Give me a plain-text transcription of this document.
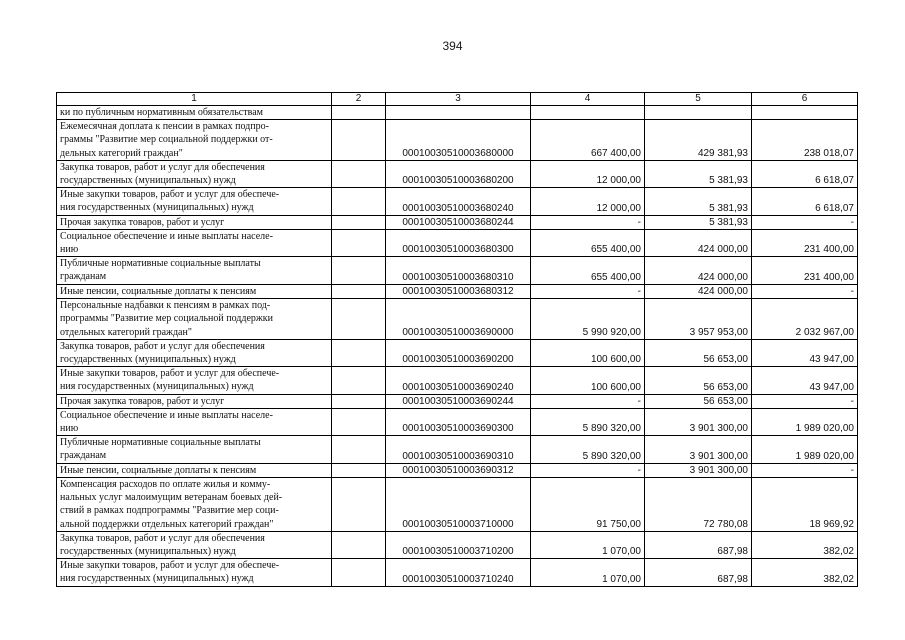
394
1	2	3	4	5	6
ки по публичным нормативным обязательствам					
Ежемесячная доплата к пенсии в рамках подпро-
граммы "Развитие мер социальной поддержки от-
дельных категорий граждан"		00010030510003680000	667 400,00	429 381,93	238 018,07
Закупка товаров, работ и услуг для обеспечения
государственных (муниципальных) нужд		00010030510003680200	12 000,00	5 381,93	6 618,07
Иные закупки товаров, работ и услуг для обеспече-
ния государственных (муниципальных) нужд		00010030510003680240	12 000,00	5 381,93	6 618,07
Прочая закупка товаров, работ и услуг		00010030510003680244	-	5 381,93	-
Социальное обеспечение и иные выплаты населе-
нию		00010030510003680300	655 400,00	424 000,00	231 400,00
Публичные нормативные социальные выплаты
гражданам		00010030510003680310	655 400,00	424 000,00	231 400,00
Иные пенсии, социальные доплаты к пенсиям		00010030510003680312	-	424 000,00	-
Персональные надбавки к пенсиям в рамках под-
программы "Развитие мер социальной поддержки
отдельных категорий граждан"		00010030510003690000	5 990 920,00	3 957 953,00	2 032 967,00
Закупка товаров, работ и услуг для обеспечения
государственных (муниципальных) нужд		00010030510003690200	100 600,00	56 653,00	43 947,00
Иные закупки товаров, работ и услуг для обеспече-
ния государственных (муниципальных) нужд		00010030510003690240	100 600,00	56 653,00	43 947,00
Прочая закупка товаров, работ и услуг		00010030510003690244	-	56 653,00	-
Социальное обеспечение и иные выплаты населе-
нию		00010030510003690300	5 890 320,00	3 901 300,00	1 989 020,00
Публичные нормативные социальные выплаты
гражданам		00010030510003690310	5 890 320,00	3 901 300,00	1 989 020,00
Иные пенсии, социальные доплаты к пенсиям		00010030510003690312	-	3 901 300,00	-
Компенсация расходов по оплате жилья и комму-
нальных услуг малоимущим ветеранам боевых дей-
ствий в рамках подпрограммы "Развитие мер соци-
альной поддержки отдельных категорий граждан"		00010030510003710000	91 750,00	72 780,08	18 969,92
Закупка товаров, работ и услуг для обеспечения
государственных (муниципальных) нужд		00010030510003710200	1 070,00	687,98	382,02
Иные закупки товаров, работ и услуг для обеспече-
ния государственных (муниципальных) нужд		00010030510003710240	1 070,00	687,98	382,02
